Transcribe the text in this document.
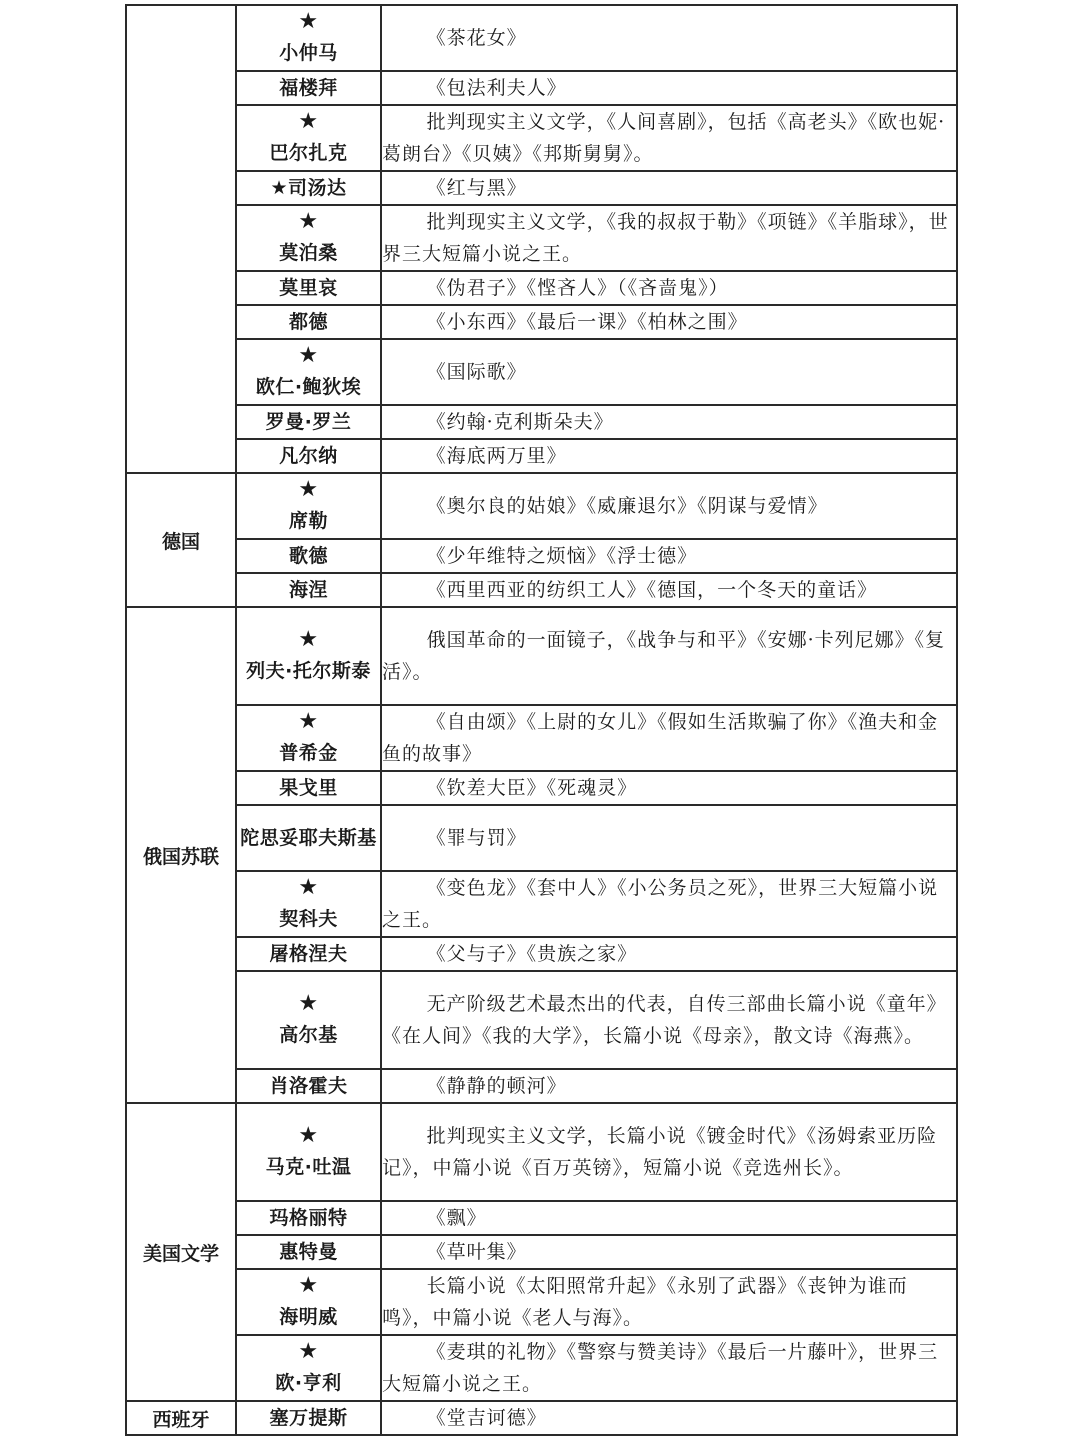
	★
小仲马	《茶花女》

	福楼拜	《包法利夫人》

	★
巴尔扎克	批判现实主义文学，《人间喜剧》，包括《高老头》《欧也妮·葛朗台》《贝姨》《邦斯舅舅》。

	★司汤达	《红与黑》

	★
莫泊桑	批判现实主义文学，《我的叔叔于勒》《项链》《羊脂球》，世界三大短篇小说之王。

	莫里哀	《伪君子》《悭吝人》（《吝啬鬼》）

	都德	《小东西》《最后一课》《柏林之围》

	★
欧仁·鲍狄埃	《国际歌》

	罗曼·罗兰	《约翰·克利斯朵夫》

	凡尔纳	《海底两万里》
德国	★
席勒	《奥尔良的姑娘》《威廉退尔》《阴谋与爱情》

	歌德	《少年维特之烦恼》《浮士德》

	海涅	《西里西亚的纺织工人》《德国，一个冬天的童话》
俄国苏联	★
列夫·托尔斯泰	俄国革命的一面镜子，《战争与和平》《安娜·卡列尼娜》《复活》。

	★
普希金	《自由颂》《上尉的女儿》《假如生活欺骗了你》《渔夫和金鱼的故事》

	果戈里	《钦差大臣》《死魂灵》

	陀思妥耶夫斯基	《罪与罚》

	★
契科夫	《变色龙》《套中人》《小公务员之死》，世界三大短篇小说之王。

	屠格涅夫	《父与子》《贵族之家》

	★
高尔基	无产阶级艺术最杰出的代表，自传三部曲长篇小说《童年》《在人间》《我的大学》，长篇小说《母亲》，散文诗《海燕》。

	肖洛霍夫	《静静的顿河》
美国文学	★
马克·吐温	批判现实主义文学，长篇小说《镀金时代》《汤姆索亚历险记》，中篇小说《百万英镑》，短篇小说《竞选州长》。

	玛格丽特	《飘》

	惠特曼	《草叶集》

	★
海明威	长篇小说《太阳照常升起》《永别了武器》《丧钟为谁而鸣》，中篇小说《老人与海》。

	★
欧·亨利	《麦琪的礼物》《警察与赞美诗》《最后一片藤叶》，世界三大短篇小说之王。
西班牙	塞万提斯	《堂吉诃德》
